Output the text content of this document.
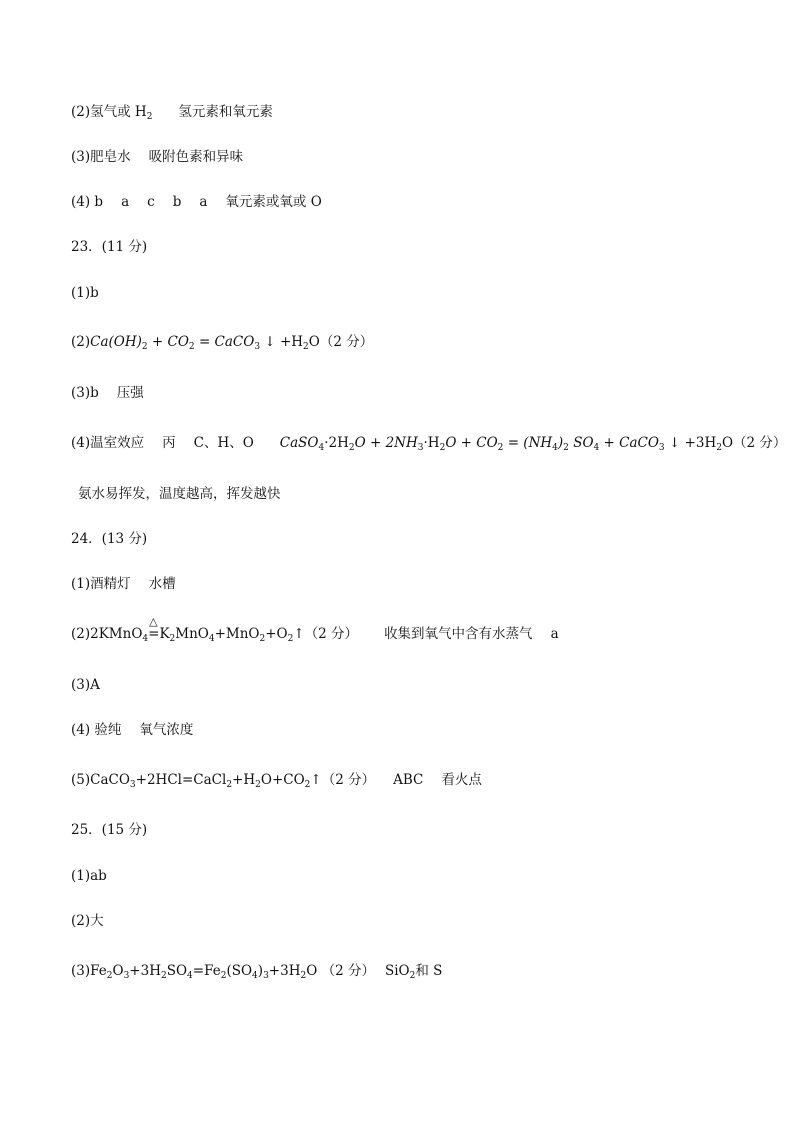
(2)氢气或 $H_2$ 氢元素和氧元素
(3)肥皂水 吸附色素和异味
(4) b a c b a 氧元素或氧或 O
23．(11 分)
(1)b
$(2)Ca(OH)_2 + CO_2$ = CaCO$_3$ ↓ $+H_2O(2$ 分）
(3)b 压强
(4)温室效应 丙 C、H、O $CaSO_4\cdot 2H_2O + 2NH_3\cdot H_2O + CO_2 = (NH_4)_2$ $SO_4$ + CaCO$_3$ ↓ $+3H_2O(2$ 分）
氨水易挥发，温度越高，挥发越快
24．(13 分)
(1)酒精灯 水槽
(2)2KMnO$_4$
△
$=K_2MnO_4+MnO_2+O_2↑(2$ 分） 收集到氧气中含有水蒸气 a
(3)A
(4) 验纯 氧气浓度
$(5)CaCO_3+2HCl=CaCl_2+H_2O+CO_2↑(2$ 分） ABC 看火点
25．(15 分)
(1)ab
(2)大
$(3)Fe_2O_3+3H_2SO_4=Fe_2(SO_4)_3+3H_2O$ （2 分） SiO$_2$和 S
